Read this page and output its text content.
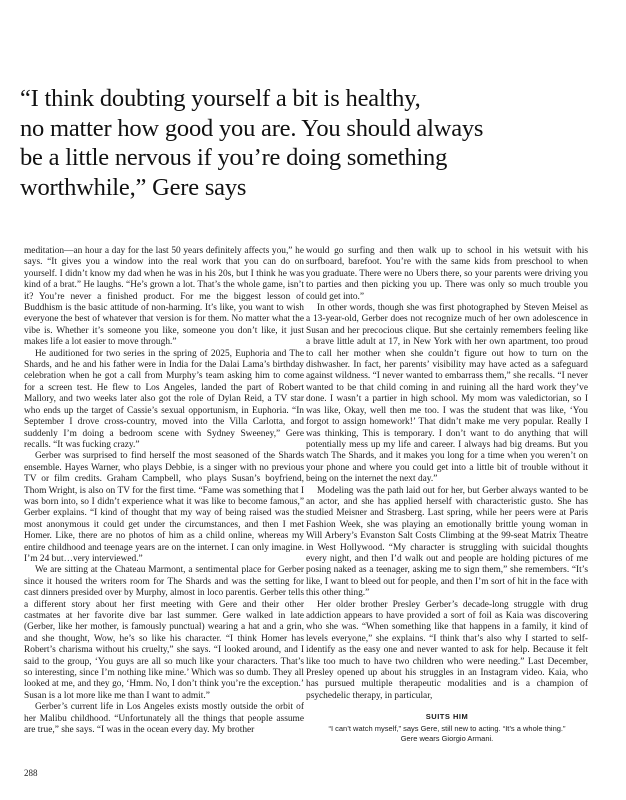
“I think doubting yourself a bit is healthy,
no matter how good you are. You should always
be a little nervous if you’re doing something
worthwhile,” Gere says

meditation—an hour a day for the last 50 years definitely affects you,” he says. “It gives you a window into the real work that you can do on yourself. I didn’t know my dad when he was in his 20s, but I think he was kind of a brat.” He laughs. “He’s grown a lot. That’s the whole game, isn’t it? You’re never a finished product. For me the biggest lesson of Buddhism is the basic attitude of non-harming. It’s like, you want to wish everyone the best of whatever that version is for them. No matter what the vibe is. Whether it’s someone you like, someone you don’t like, it just makes life a lot easier to move through.”

He auditioned for two series in the spring of 2025, Euphoria and The Shards, and he and his father were in India for the Dalai Lama’s birthday celebration when he got a call from Murphy’s team asking him to come for a screen test. He flew to Los Angeles, landed the part of Robert Mallory, and two weeks later also got the role of Dylan Reid, a TV star who ends up the target of Cassie’s sexual opportunism, in Euphoria. “In September I drove cross-country, moved into the Villa Carlotta, and suddenly I’m doing a bedroom scene with Sydney Sweeney,” Gere recalls. “It was fucking crazy.”

Gerber was surprised to find herself the most seasoned of the Shards ensemble. Hayes Warner, who plays Debbie, is a singer with no previous TV or film credits. Graham Campbell, who plays Susan’s boyfriend, Thom Wright, is also on TV for the first time. “Fame was something that I was born into, so I didn’t experience what it was like to become famous,” Gerber explains. “I kind of thought that my way of being raised was the most anonymous it could get under the circumstances, and then I met Homer. Like, there are no photos of him as a child online, whereas my entire childhood and teenage years are on the internet. I can only imagine. I’m 24 but…very interviewed.”

We are sitting at the Chateau Marmont, a sentimental place for Gerber since it housed the writers room for The Shards and was the setting for cast dinners presided over by Murphy, almost in loco parentis. Gerber tells a different story about her first meeting with Gere and their other castmates at her favorite dive bar last summer. Gere walked in late (Gerber, like her mother, is famously punctual) wearing a hat and a grin, and she thought, Wow, he’s so like his character. “I think Homer has Robert’s charisma without his cruelty,” she says. “I looked around, and I said to the group, ‘You guys are all so much like your characters. That’s so interesting, since I’m nothing like mine.’ Which was so dumb. They all looked at me, and they go, ‘Hmm. No, I don’t think you’re the exception.’ Susan is a lot more like me than I want to admit.”

Gerber’s current life in Los Angeles exists mostly outside the orbit of her Malibu childhood. “Unfortunately all the things that people assume are true,” she says. “I was in the ocean every day. My brother

would go surfing and then walk up to school in his wetsuit with his surfboard, barefoot. You’re with the same kids from preschool to when you graduate. There were no Ubers there, so your parents were driving you to parties and then picking you up. There was only so much trouble you could get into.”

In other words, though she was first photographed by Steven Meisel as a 13-year-old, Gerber does not recognize much of her own adolescence in Susan and her precocious clique. But she certainly remembers feeling like a brave little adult at 17, in New York with her own apartment, too proud to call her mother when she couldn’t figure out how to turn on the dishwasher. In fact, her parents’ visibility may have acted as a safeguard against wildness. “I never wanted to embarrass them,” she recalls. “I never wanted to be that child coming in and ruining all the hard work they’ve done. I wasn’t a partier in high school. My mom was valedictorian, so I was like, Okay, well then me too. I was the student that was like, ‘You forgot to assign homework!’ That didn’t make me very popular. Really I was thinking, This is temporary. I don’t want to do anything that will potentially mess up my life and career. I always had big dreams. But you watch The Shards, and it makes you long for a time when you weren’t on your phone and where you could get into a little bit of trouble without it being on the internet the next day.”

Modeling was the path laid out for her, but Gerber always wanted to be an actor, and she has applied herself with characteristic gusto. She has studied Meisner and Strasberg. Last spring, while her peers were at Paris Fashion Week, she was playing an emotionally brittle young woman in Will Arbery’s Evanston Salt Costs Climbing at the 99-seat Matrix Theatre in West Hollywood. “My character is struggling with suicidal thoughts every night, and then I’d walk out and people are holding pictures of me posing naked as a teenager, asking me to sign them,” she remembers. “It’s like, I want to bleed out for people, and then I’m sort of hit in the face with this other thing.”

Her older brother Presley Gerber’s decade-long struggle with drug addiction appears to have provided a sort of foil as Kaia was discovering who she was. “When something like that happens in a family, it kind of levels everyone,” she explains. “I think that’s also why I started to self-identify as the easy one and never wanted to ask for help. Because it felt like too much to have two children who were needing.” Last December, Presley opened up about his struggles in an Instagram video. Kaia, who has pursued multiple therapeutic modalities and is a champion of psychedelic therapy, in particular,

SUITS HIM
“I can’t watch myself,” says Gere, still new to acting. “It’s a whole thing.”
Gere wears Giorgio Armani.
288
